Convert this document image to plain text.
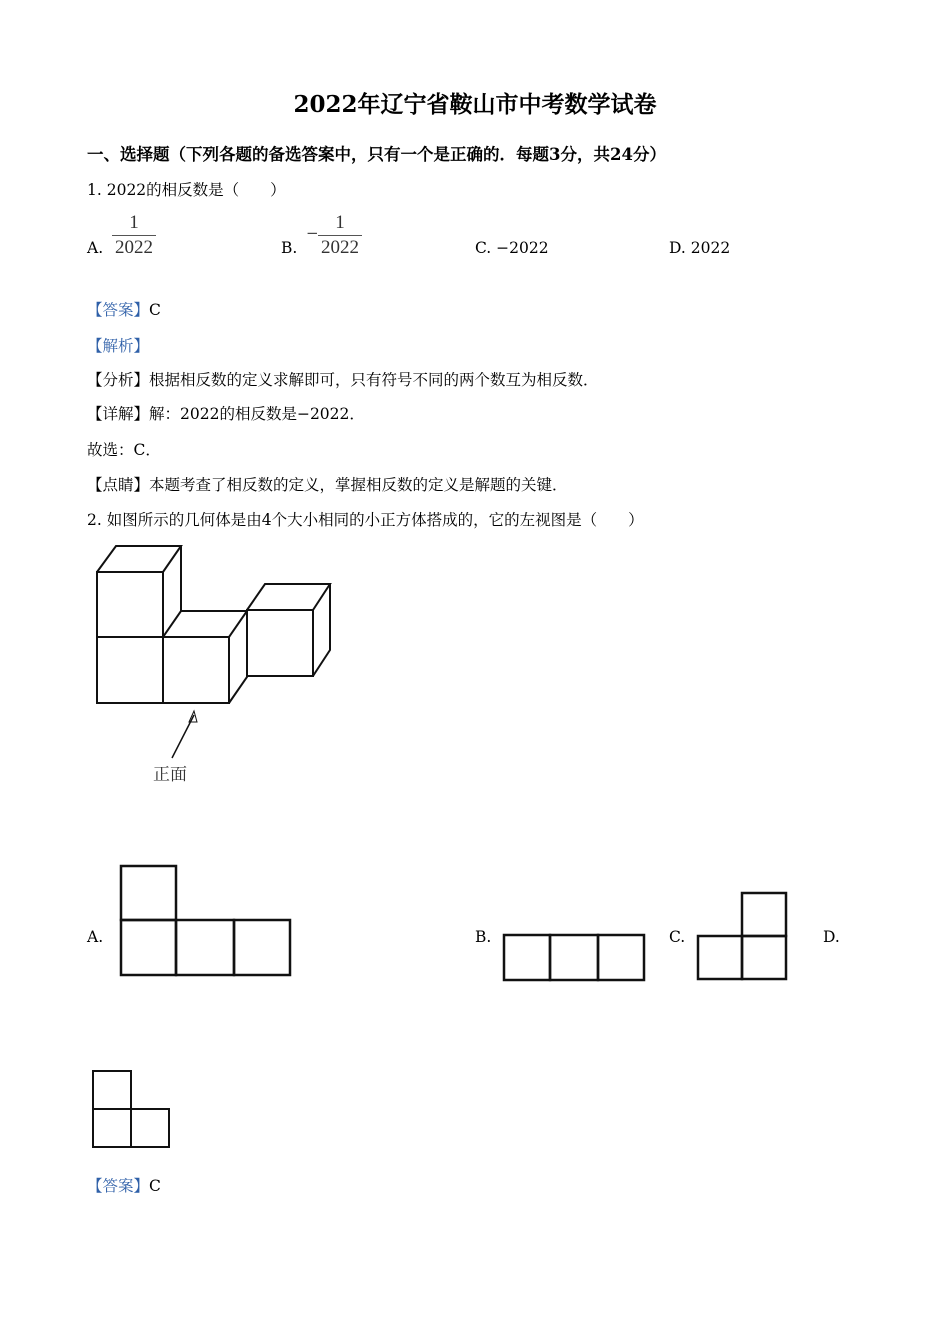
2022年辽宁省鞍山市中考数学试卷
一、选择题（下列各题的备选答案中，只有一个是正确的．每题3分，共24分）
1. 2022的相反数是（　　）
A.
1
2022	B.
− 1
2022	C. −2022	D. 2022
【答案】C
【解析】
【分析】根据相反数的定义求解即可，只有符号不同的两个数互为相反数．
【详解】解：2022的相反数是−2022．
故选：C．
【点睛】本题考查了相反数的定义，掌握相反数的定义是解题的关键．
2. 如图所示的几何体是由4个大小相同的小正方体搭成的，它的左视图是（　　）
正面
A.	B.	C.	D.
【答案】C
